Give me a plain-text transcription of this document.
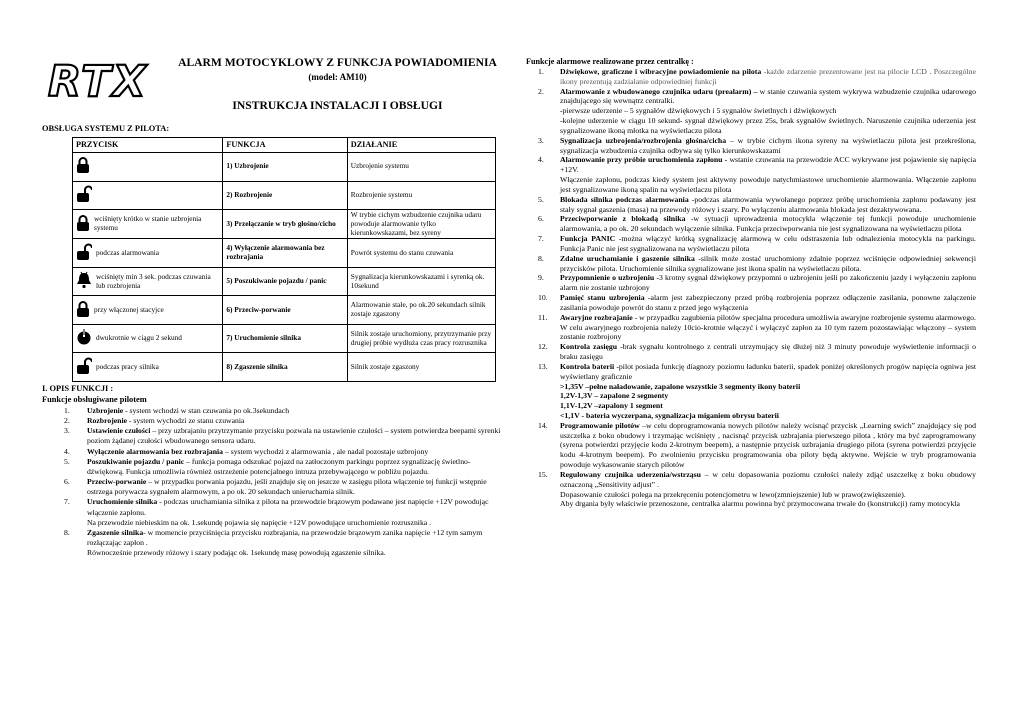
RTX	ALARM MOTOCYKLOWY Z FUNKCJA POWIADOMIENIA
(model: AM10)
INSTRUKCJA INSTALACJI I OBSŁUGI
OBSŁUGA SYSTEMU Z PILOTA:
PRZYCISK	FUNKCJA	DZIAŁANIE

	1) Uzbrojenie	Uzbrojenie systemu

	2) Rozbrojenie	Rozbrojenie systemu

wciśnięty krótko w stanie uzbrojenia systemu	3) Przełączanie w tryb głośno/cicho	W trybie cichym wzbudzenie czujnika udaru powoduje alarmowanie tylko kierunkowskazami, bez syreny

podczas alarmowania	4) Wyłączenie alarmowania bez rozbrajania	Powrót systemu do stanu czuwania

wciśnięty min 3 sek. podczas czuwania lub rozbrojenia	5) Poszukiwanie pojazdu / panic	Sygnalizacja kierunkowskazami i syrenką ok. 10sekund

przy włączonej stacyjce	6) Przeciw-porwanie	Alarmowanie stałe, po ok.20 sekundach silnik zostaje zgaszony

dwukrotnie w ciągu 2 sekund	7) Uruchomienie silnika	Silnik zostaje uruchomiony, przytrzymanie przy drugiej próbie wydłuża czas pracy rozrusznika

podczas pracy silnika	8) Zgaszenie silnika	Silnik zostaje zgaszony
I. OPIS FUNKCJI :
Funkcje obsługiwane pilotem
1. Uzbrojenie - system wchodzi w stan czuwania po ok.3sekundach
2. Rozbrojenie - system wychodzi ze stanu czuwania
3. Ustawienie czułości – przy uzbrajaniu przytrzymanie przycisku pozwala na ustawienie czułości – system potwierdza beepami syrenki poziom żądanej czułości wbudowanego sensora udaru.
4. Wyłączenie alarmowania bez rozbrajania – system wychodzi z alarmowania , ale nadal pozostaje uzbrojony
5. Poszukiwanie pojazdu / panic – funkcja pomaga odszukać pojazd na zatłoczonym parkingu poprzez sygnalizację świetlno- dźwiękową. Funkcja umożliwia również ostrzeżenie potencjalnego intruza przebywającego w pobliżu pojazdu.
6. Przeciw-porwanie – w przypadku porwania pojazdu, jeśli znajduje się on jeszcze w zasięgu pilota włączenie tej funkcji wstępnie ostrzega porywacza sygnałem alarmowym, a po ok. 20 sekundach unieruchamia silnik.
7. Uruchomienie silnika - podczas uruchamiania silnika z pilota na przewodzie brązowym podawane jest napięcie +12V powodując włączenie zapłonu.
Na przewodzie niebieskim na ok. 1.sekundę pojawia się napięcie +12V powodujące uruchomienie rozrusznika .
8. Zgaszenie silnika- w momencie przyciśnięcia przycisku rozbrajania, na przewodzie brązowym zanika napięcie +12 tym samym rozłączając zapłon .
Równocześnie przewody różowy i szary podając ok. 1sekundę masę powodują zgaszenie silnika.
Funkcje alarmowe realizowane przez centralkę :
1. Dźwiękowe, graficzne i wibracyjne powiadomienie na pilota -każde zdarzenie prezentowane jest na pilocie LCD . Poszczególne ikony prezentują zadziałanie odpowiedniej funkcji
2. Alarmowanie z wbudowanego czujnika udaru (prealarm) – w stanie czuwania system wykrywa wzbudzenie czujnika udarowego znajdującego się wewnątrz centralki.
-pierwsze uderzenie – 5 sygnałów dźwiękowych i 5 sygnałów świetlnych i dźwiękowych
-kolejne uderzenie w ciągu 10 sekund- sygnał dźwiękowy przez 25s, brak sygnałów świetlnych. Naruszenie czujnika uderzenia jest sygnalizowane ikoną młotka na wyświetlaczu pilota
3. Sygnalizacja uzbrojenia/rozbrojenia głośna/cicha – w trybie cichym ikona syreny na wyświetlaczu pilota jest przekreślona, sygnalizacja wzbudzenia czujnika odbywa się tylko kierunkowskazami
4. Alarmowanie przy próbie uruchomienia zapłonu - wstanie czuwania na przewodzie ACC wykrywane jest pojawienie się napięcia +12V.
Włączenie zapłonu, podczas kiedy system jest aktywny powoduje natychmiastowe uruchomienie alarmowania. Włączenie zapłonu jest sygnalizowane ikoną spalin na wyświetlaczu pilota
5. Blokada silnika podczas alarmowania -podczas alarmowania wywołanego poprzez próbę uruchomienia zapłonu podawany jest stały sygnał gaszenia (masa) na przewody różowy i szary. Po wyłączeniu alarmowania blokada jest dezaktywowana.
6. Przeciwporwanie z blokadą silnika -w sytuacji uprowadzenia motocykla włączenie tej funkcji powoduje uruchomienie alarmowania, a po ok. 20 sekundach wyłączenie silnika. Funkcja przeciwporwania nie jest sygnalizowana na wyświetlaczu pilota
7. Funkcja PANIC -można włączyć krótką sygnalizację alarmową w celu odstraszenia lub odnalezienia motocykla na parkingu. Funkcja Panic nie jest sygnalizowana na wyświetlaczu pilota
8. Zdalne uruchamianie i gaszenie silnika -silnik może zostać uruchomiony zdalnie poprzez wciśnięcie odpowiedniej sekwencji przycisków pilota. Uruchomienie silnika sygnalizowane jest ikona spalin na wyświetlaczu pilota.
9. Przypomnienie o uzbrojeniu -3 krotny sygnał dźwiękowy przypomni o uzbrojeniu jeśli po zakończeniu jazdy i wyłączeniu zapłonu alarm nie zostanie uzbrojony
10. Pamięć stanu uzbrojenia -alarm jest zabezpieczony przed próbą rozbrojenia poprzez odłączenie zasilania, ponowne załączenie zasilania powoduje powrót do stanu z przed jego wyłączenia
11. Awaryjne rozbrajanie - w przypadku zagubienia pilotów specjalna procedura umożliwia awaryjne rozbrojenie systemu alarmowego.
W celu awaryjnego rozbrojenia należy 10cio-krotnie włączyć i wyłączyć zapłon za 10 tym razem pozostawiając włączony – system zostanie rozbrojony
12. Kontrola zasięgu -brak sygnału kontrolnego z centrali utrzymujący się dłużej niż 3 minuty powoduje wyświetlenie informacji o braku zasięgu
13. Kontrola baterii -pilot posiada funkcję diagnozy poziomu ładunku baterii, spadek poniżej określonych progów napięcia ogniwa jest wyświetlany graficznie
>1,35V –pełne naładowanie, zapalone wszystkie 3 segmenty ikony baterii
1,2V-1,3V – zapalone 2 segmenty
1,1V-1,2V –zapalony 1 segment
<1,1V - bateria wyczerpana, sygnalizacja miganiem obrysu baterii
14. Programowanie pilotów –w celu doprogramowania nowych pilotów należy wcisnąć przycisk „Learning swich” znajdujący się pod uszczelka z boku obudowy i trzymając wciśnięty , nacisnąć przycisk uzbrajania pierwszego pilota , który ma być zaprogramowany (syrena potwierdzi przyjęcie kodu 2-krotnym beepem), a następnie przycisk uzbrajania drugiego pilota (syrena potwierdzi przyjęcie kodu 4-krotnym beepem). Po zwolnieniu przycisku programowania oba piloty będą aktywne. Wejście w tryb programowania powoduje wykasowanie starych pilotów
15. Regulowany czujnika uderzenia/wstrząsu – w celu dopasowania poziomu czułości należy zdjąć uszczelkę z boku obudowy oznaczoną „Sensitivity adjust” .
Dopasowanie czułości polega na przekręceniu potencjometru w lewo(zmniejszenie) lub w prawo(zwiększenie).
Aby drgania były właściwie przenoszone, centralka alarmu powinna być przymocowana trwale do (konstrukcji) ramy motocykla
